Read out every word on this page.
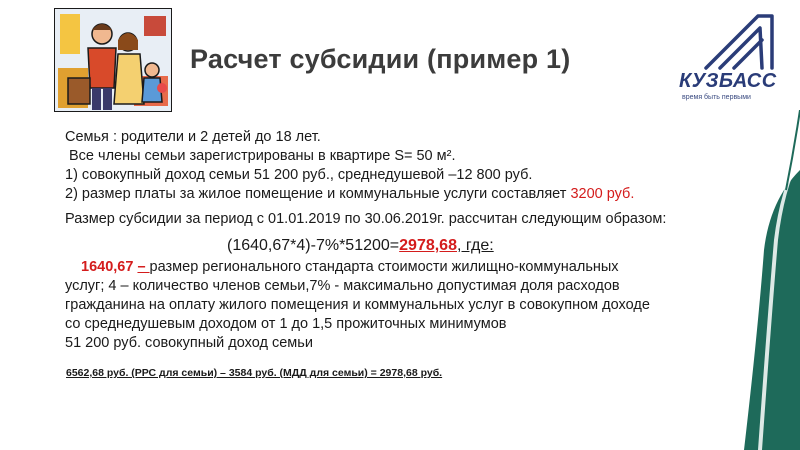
Расчет субсидии (пример 1)
КУЗБАСС
время быть первыми

Семья : родители и 2 детей до 18 лет.

Все члены семьи зарегистрированы в квартире S= 50 м².

1) совокупный доход семьи 51 200 руб., среднедушевой –12 800 руб.

2) размер платы за жилое помещение и коммунальные услуги составляет 3200 руб.

Размер субсидии за период с 01.01.2019 по 30.06.2019г. рассчитан следующим образом:

(1640,67*4)-7%*51200=2978,68, где:

1640,67 – размер регионального стандарта стоимости жилищно-коммунальных

услуг; 4 – количество членов семьи,7% - максимально допустимая доля расходов

гражданина на оплату жилого помещения и коммунальных услуг в совокупном доходе

со среднедушевым доходом от 1 до 1,5 прожиточных минимумов

51 200 руб. совокупный доход семьи

6562,68 руб. (РРС для семьи) – 3584 руб. (МДД для семьи) = 2978,68 руб.
